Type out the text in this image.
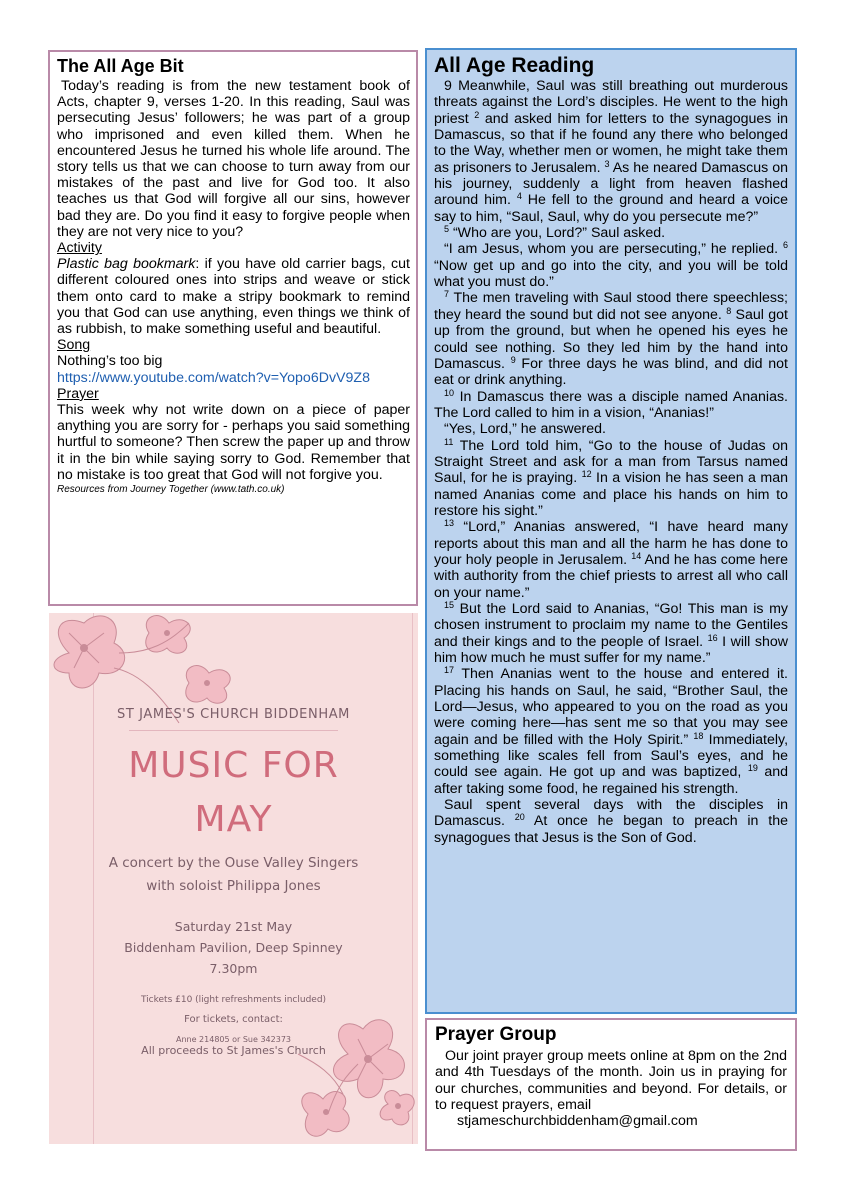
The All Age Bit

Today’s reading is from the new testament book of Acts, chapter 9, verses 1-20. In this reading, Saul was persecuting Jesus’ followers; he was part of a group who imprisoned and even killed them. When he encountered Jesus he turned his whole life around. The story tells us that we can choose to turn away from our mistakes of the past and live for God too. It also teaches us that God will forgive all our sins, however bad they are. Do you find it easy to forgive people when they are not very nice to you?

Activity

Plastic bag bookmark: if you have old carrier bags, cut different coloured ones into strips and weave or stick them onto card to make a stripy bookmark to remind you that God can use anything, even things we think of as rubbish, to make something useful and beautiful.

Song

Nothing’s too big

https://www.youtube.com/watch?v=Yopo6DvV9Z8

Prayer

This week why not write down on a piece of paper anything you are sorry for - perhaps you said something hurtful to someone? Then screw the paper up and throw it in the bin while saying sorry to God. Remember that no mistake is too great that God will not forgive you.

Resources from Journey Together (www.tath.co.uk)

ST JAMES'S CHURCH BIDDENHAM
MUSIC FOR
MAY
A concert by the Ouse Valley Singers
with soloist Philippa Jones
Saturday 21st May
Biddenham Pavilion, Deep Spinney
7.30pm
Tickets £10 (light refreshments included)
For tickets, contact:
Anne 214805 or Sue 342373
All proceeds to St James's Church
All Age Reading

9 Meanwhile, Saul was still breathing out murderous threats against the Lord’s disciples. He went to the high priest $^2$ and asked him for letters to the synagogues in Damascus, so that if he found any there who belonged to the Way, whether men or women, he might take them as prisoners to Jerusalem. $^3$ As he neared Damascus on his journey, suddenly a light from heaven flashed around him. $^4$ He fell to the ground and heard a voice say to him, “Saul, Saul, why do you persecute me?”

$^5$ “Who are you, Lord?” Saul asked.

“I am Jesus, whom you are persecuting,” he replied. $^6$ “Now get up and go into the city, and you will be told what you must do.”

$^7$ The men traveling with Saul stood there speechless; they heard the sound but did not see anyone. $^8$ Saul got up from the ground, but when he opened his eyes he could see nothing. So they led him by the hand into Damascus. $^9$ For three days he was blind, and did not eat or drink anything.

$^{10}$ In Damascus there was a disciple named Ananias. The Lord called to him in a vision, “Ananias!”

“Yes, Lord,” he answered.

$^{11}$ The Lord told him, “Go to the house of Judas on Straight Street and ask for a man from Tarsus named Saul, for he is praying. $^{12}$ In a vision he has seen a man named Ananias come and place his hands on him to restore his sight.”

$^{13}$ “Lord,” Ananias answered, “I have heard many reports about this man and all the harm he has done to your holy people in Jerusalem. $^{14}$ And he has come here with authority from the chief priests to arrest all who call on your name.”

$^{15}$ But the Lord said to Ananias, “Go! This man is my chosen instrument to proclaim my name to the Gentiles and their kings and to the people of Israel. $^{16}$ I will show him how much he must suffer for my name.”

$^{17}$ Then Ananias went to the house and entered it. Placing his hands on Saul, he said, “Brother Saul, the Lord—Jesus, who appeared to you on the road as you were coming here—has sent me so that you may see again and be filled with the Holy Spirit.” $^{18}$ Immediately, something like scales fell from Saul’s eyes, and he could see again. He got up and was baptized, $^{19}$ and after taking some food, he regained his strength.

Saul spent several days with the disciples in Damascus. $^{20}$ At once he began to preach in the synagogues that Jesus is the Son of God.

Prayer Group

Our joint prayer group meets online at 8pm on the 2nd and 4th Tuesdays of the month. Join us in praying for our churches, communities and beyond. For details, or to request prayers, email

stjameschurchbiddenham@gmail.com
